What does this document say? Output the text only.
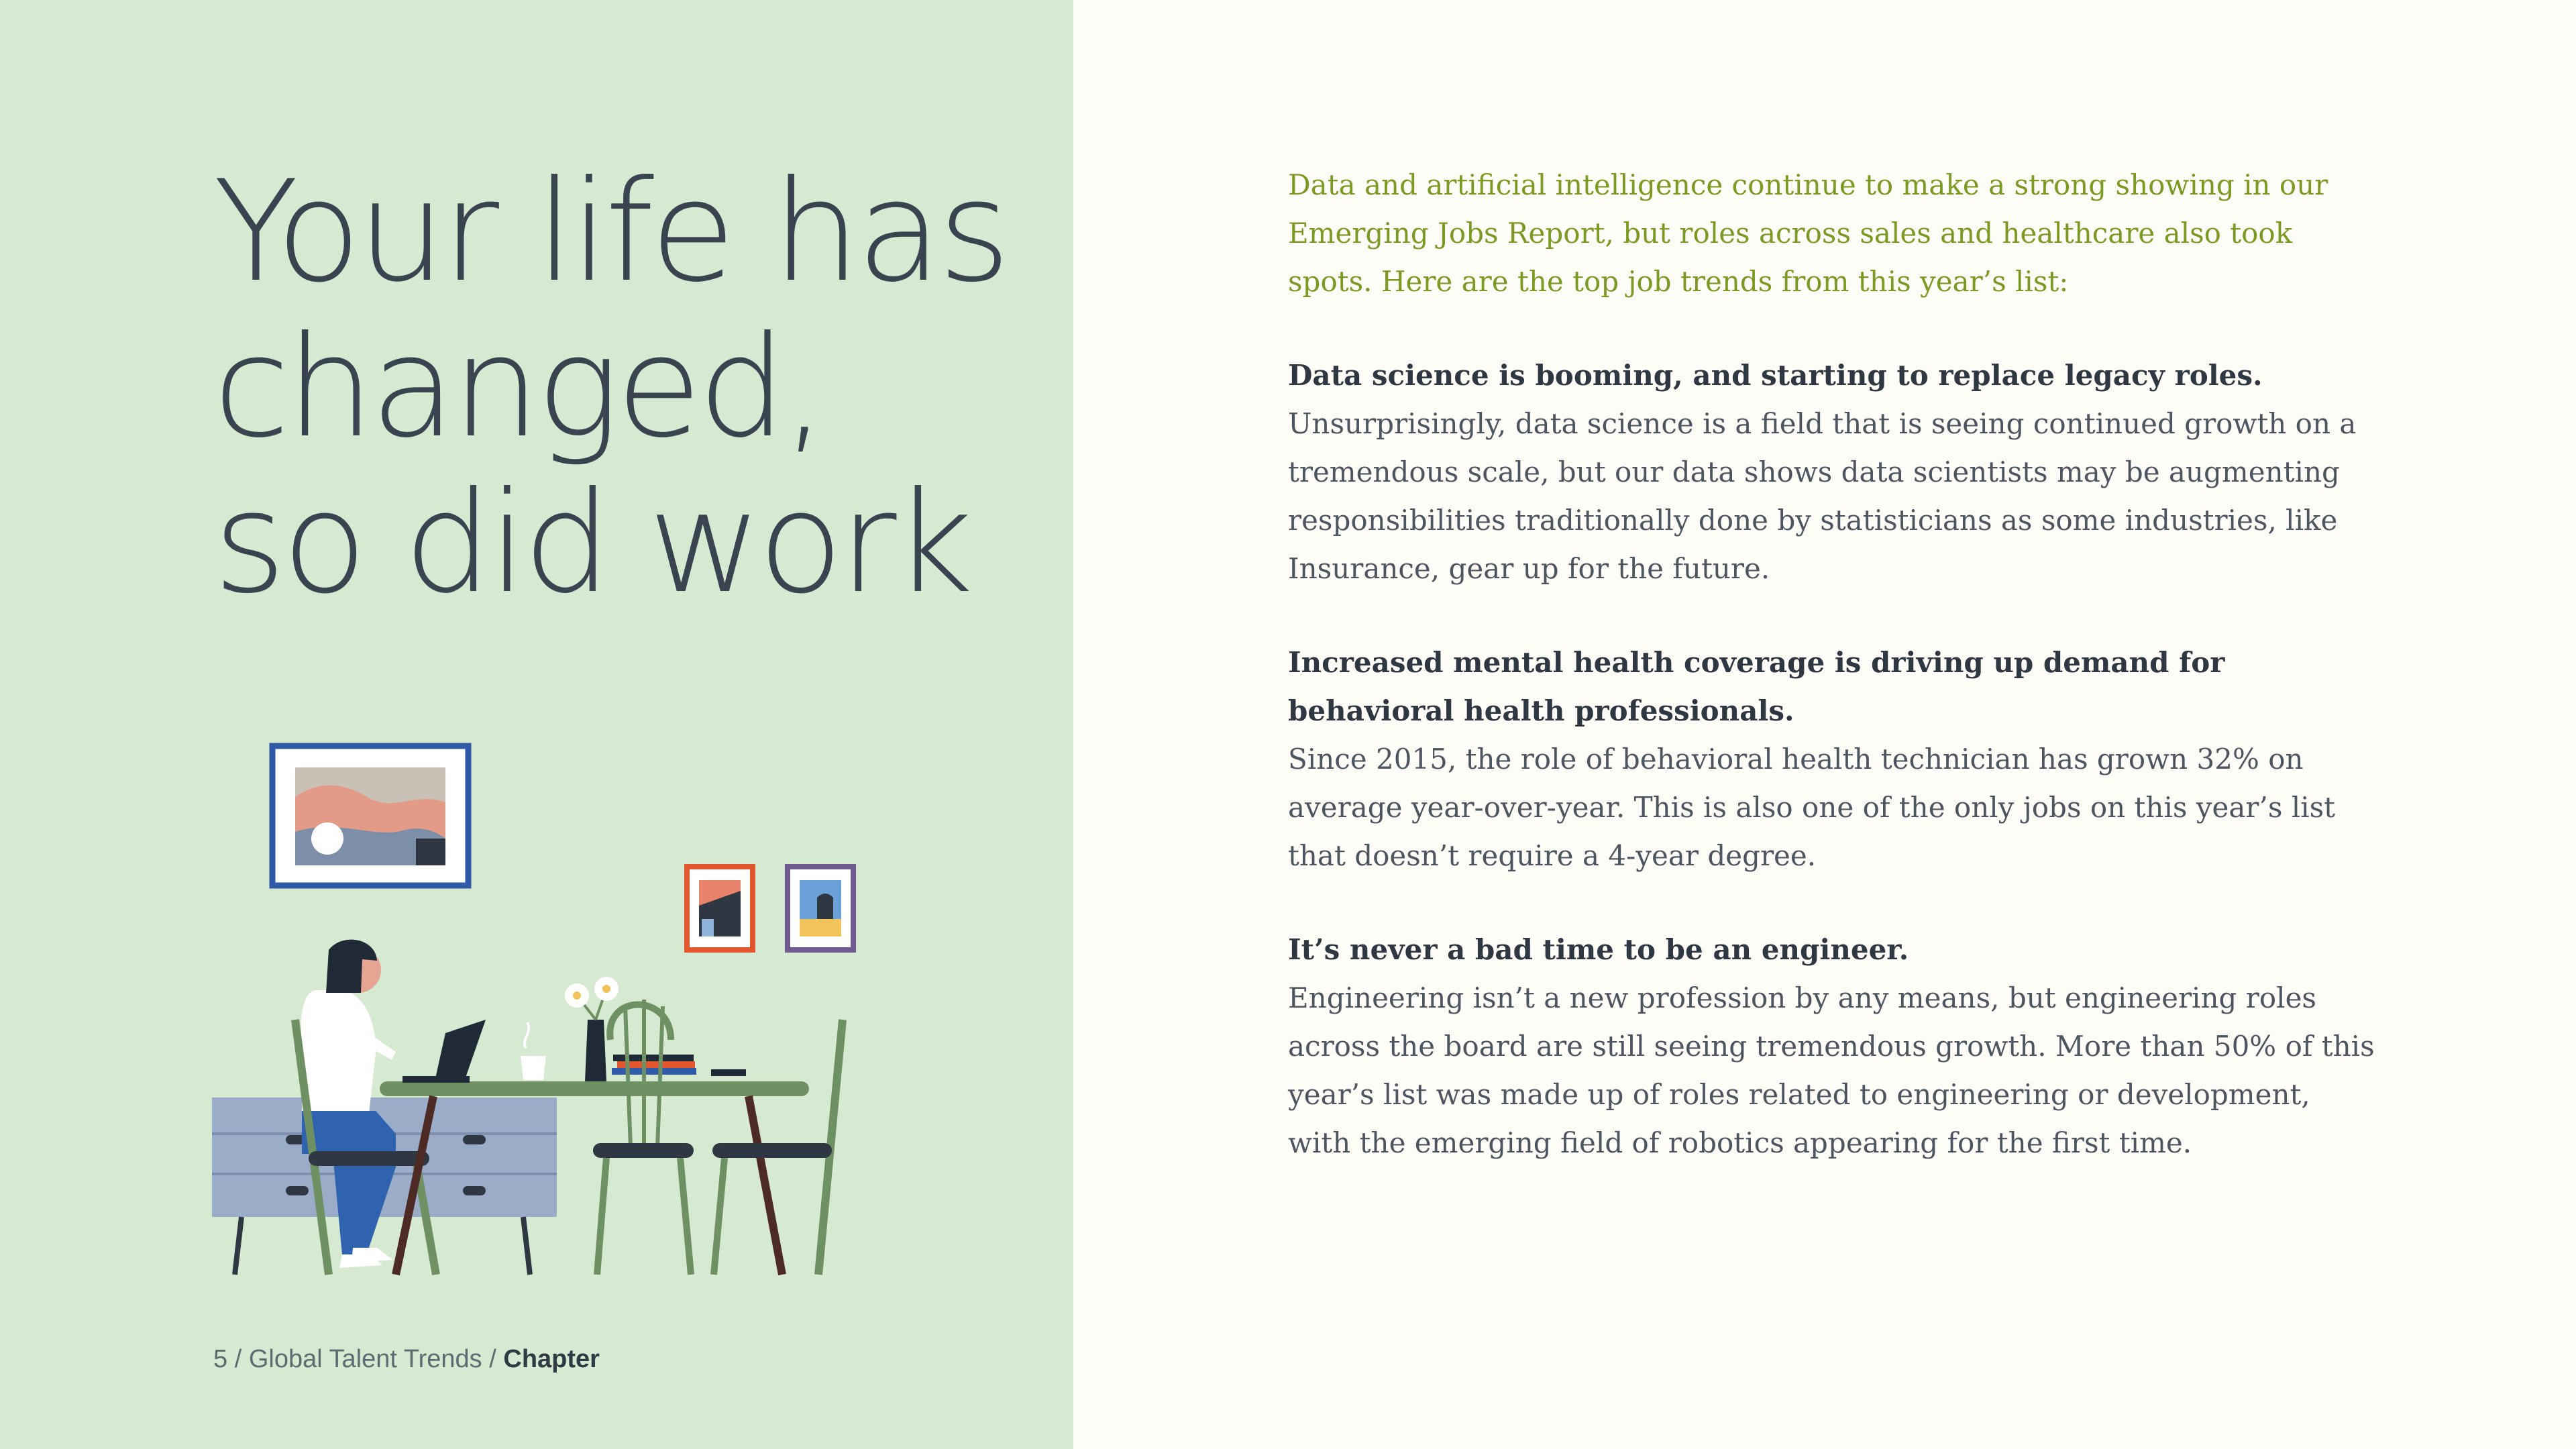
Your life has
changed,
so did work
5 / Global Talent Trends / Chapter

Data and artificial intelligence continue to make a strong showing in our Emerging Jobs Report, but roles across sales and healthcare also took spots. Here are the top job trends from this year’s list:

Data science is booming, and starting to replace legacy roles.

Unsurprisingly, data science is a field that is seeing continued growth on a tremendous scale, but our data shows data scientists may be augmenting responsibilities traditionally done by statisticians as some industries, like Insurance, gear up for the future.

Increased mental health coverage is driving up demand for behavioral health professionals.

Since 2015, the role of behavioral health technician has grown 32% on average year-over-year. This is also one of the only jobs on this year’s list that doesn’t require a 4-year degree.

It’s never a bad time to be an engineer.

Engineering isn’t a new profession by any means, but engineering roles across the board are still seeing tremendous growth. More than 50% of this year’s list was made up of roles related to engineering or development, with the emerging field of robotics appearing for the first time.
